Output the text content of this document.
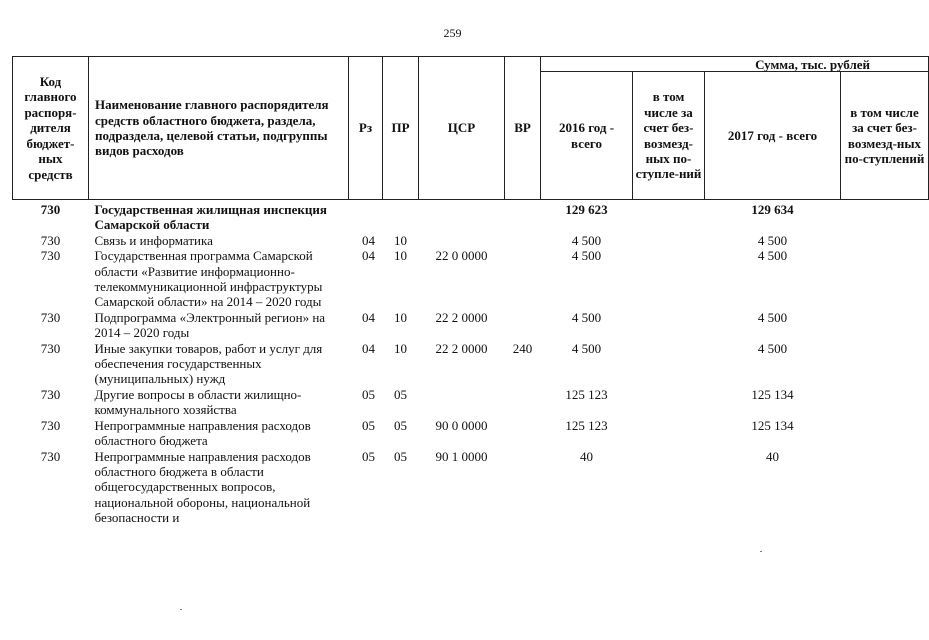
259
Код главного распоря-дителя бюджет-ных средств	Наименование главного распорядителя средств областного бюджета, раздела, подраздела, целевой статьи, подгруппы видов расходов	Рз	ПР	ЦСР	ВР	Сумма, тыс. рублей			
						2016 год - всего	в том числе за счет без-возмезд-ных по-ступле-ний	2017 год - всего	в том числе за счет без-возмезд-ных по-ступлений
730	Государственная жилищная инспекция Самарской области					129 623		129 634	
730	Связь и информатика	04	10			4 500		4 500	
730	Государственная программа Самарской области «Развитие информационно-телекоммуникационной инфраструктуры Самарской области» на 2014 – 2020 годы	04	10	22 0 0000		4 500		4 500	
730	Подпрограмма «Электронный регион» на 2014 – 2020 годы	04	10	22 2 0000		4 500		4 500	
730	Иные закупки товаров, работ и услуг для обеспечения государственных (муниципальных) нужд	04	10	22 2 0000	240	4 500		4 500	
730	Другие вопросы в области жилищно-коммунального хозяйства	05	05			125 123		125 134	
730	Непрограммные направления расходов областного бюджета	05	05	90 0 0000		125 123		125 134	
730	Непрограммные направления расходов областного бюджета в области общегосударственных вопросов, национальной обороны, национальной безопасности и	05	05	90 1 0000		40		40	
